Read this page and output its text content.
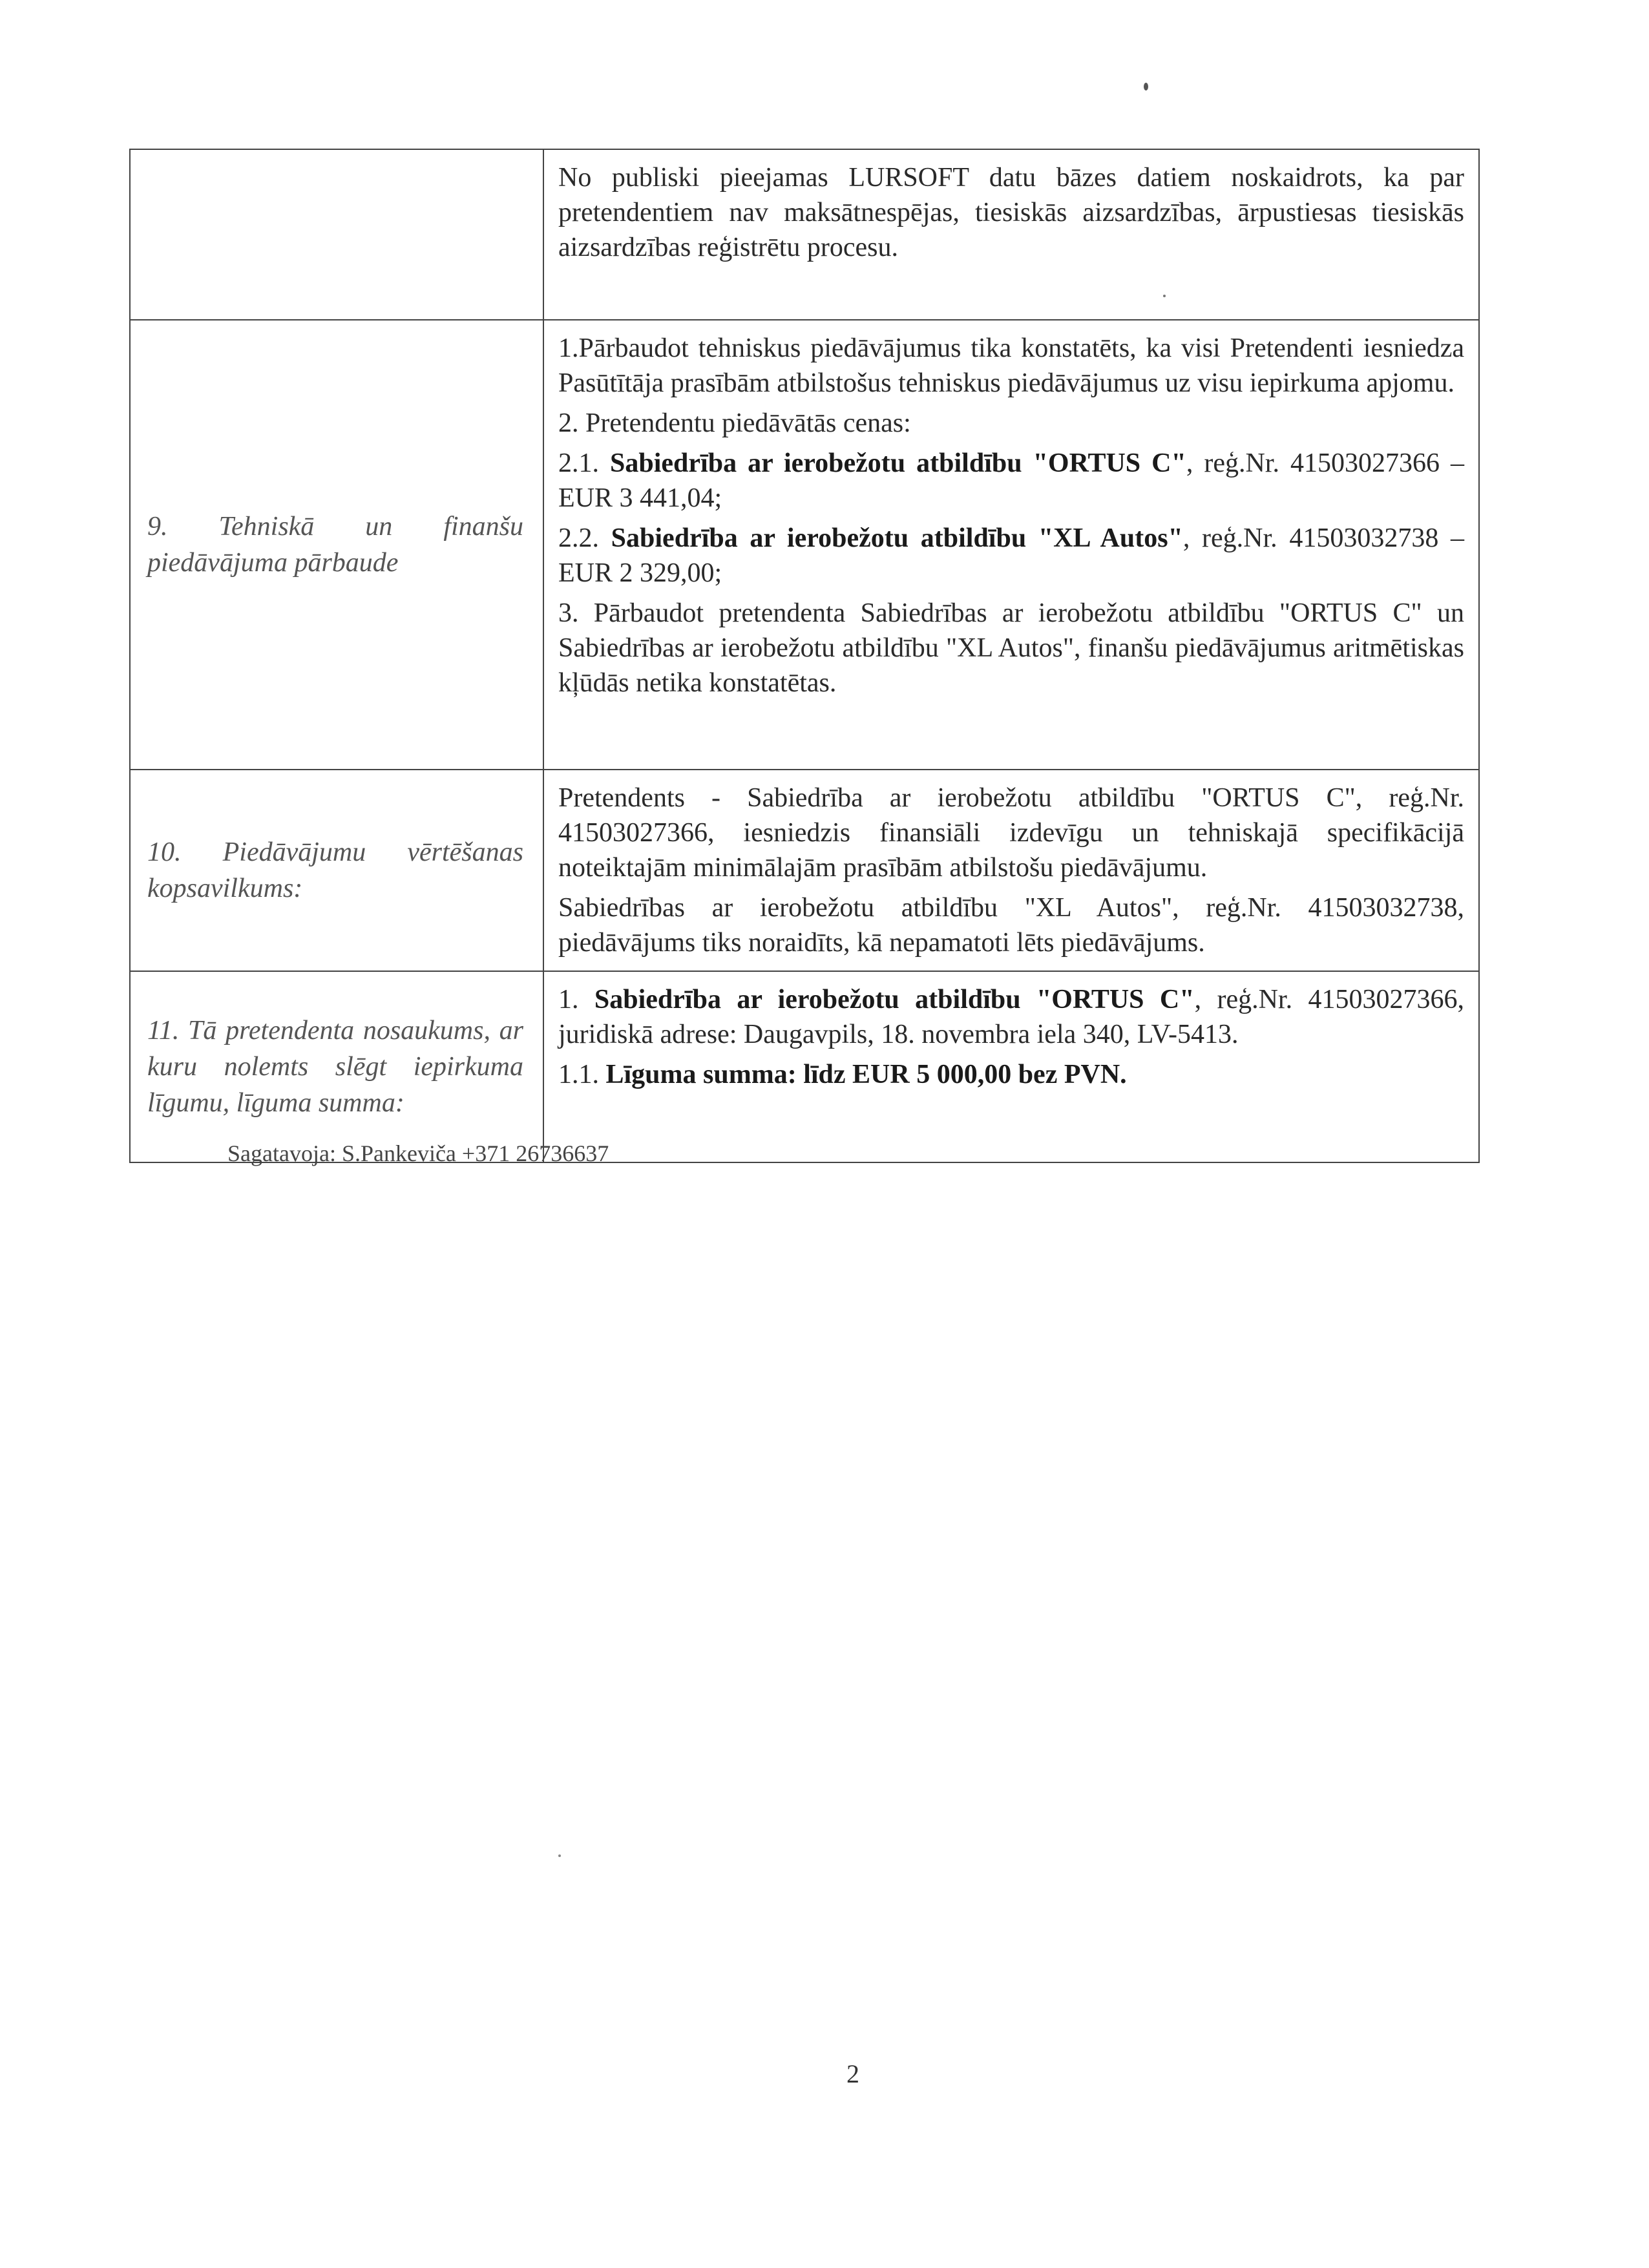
	No publiski pieejamas LURSOFT datu bāzes datiem noskaidrots, ka par pretendentiem nav maksātnespējas, tiesiskās aizsardzības, ārpustiesas tiesiskās aizsardzības reģistrētu procesu.

9. Tehniskā un finanšu piedāvājuma pārbaude	1.Pārbaudot tehniskus piedāvājumus tika konstatēts, ka visi Pretendenti iesniedza Pasūtītāja prasībām atbilstošus tehniskus piedāvājumus uz visu iepirkuma apjomu.

2. Pretendentu piedāvātās cenas:

2.1. Sabiedrība ar ierobežotu atbildību "ORTUS C", reģ.Nr. 41503027366 – EUR 3 441,04;

2.2. Sabiedrība ar ierobežotu atbildību "XL Autos", reģ.Nr. 41503032738 – EUR 2 329,00;

3. Pārbaudot pretendenta Sabiedrības ar ierobežotu atbildību "ORTUS C" un Sabiedrības ar ierobežotu atbildību "XL Autos", finanšu piedāvājumus aritmētiskas kļūdās netika konstatētas.

10. Piedāvājumu vērtēšanas kopsavilkums:	Pretendents - Sabiedrība ar ierobežotu atbildību "ORTUS C", reģ.Nr. 41503027366, iesniedzis finansiāli izdevīgu un tehniskajā specifikācijā noteiktajām minimālajām prasībām atbilstošu piedāvājumu.

Sabiedrības ar ierobežotu atbildību "XL Autos", reģ.Nr. 41503032738, piedāvājums tiks noraidīts, kā nepamatoti lēts piedāvājums.

11. Tā pretendenta nosaukums, ar kuru nolemts slēgt iepirkuma līgumu, līguma summa:	1. Sabiedrība ar ierobežotu atbildību "ORTUS C", reģ.Nr. 41503027366, juridiskā adrese: Daugavpils, 18. novembra iela 340, LV-5413.

1.1. Līguma summa: līdz EUR 5 000,00 bez PVN.

Sagatavoja: S.Pankeviča +371 26736637
2
